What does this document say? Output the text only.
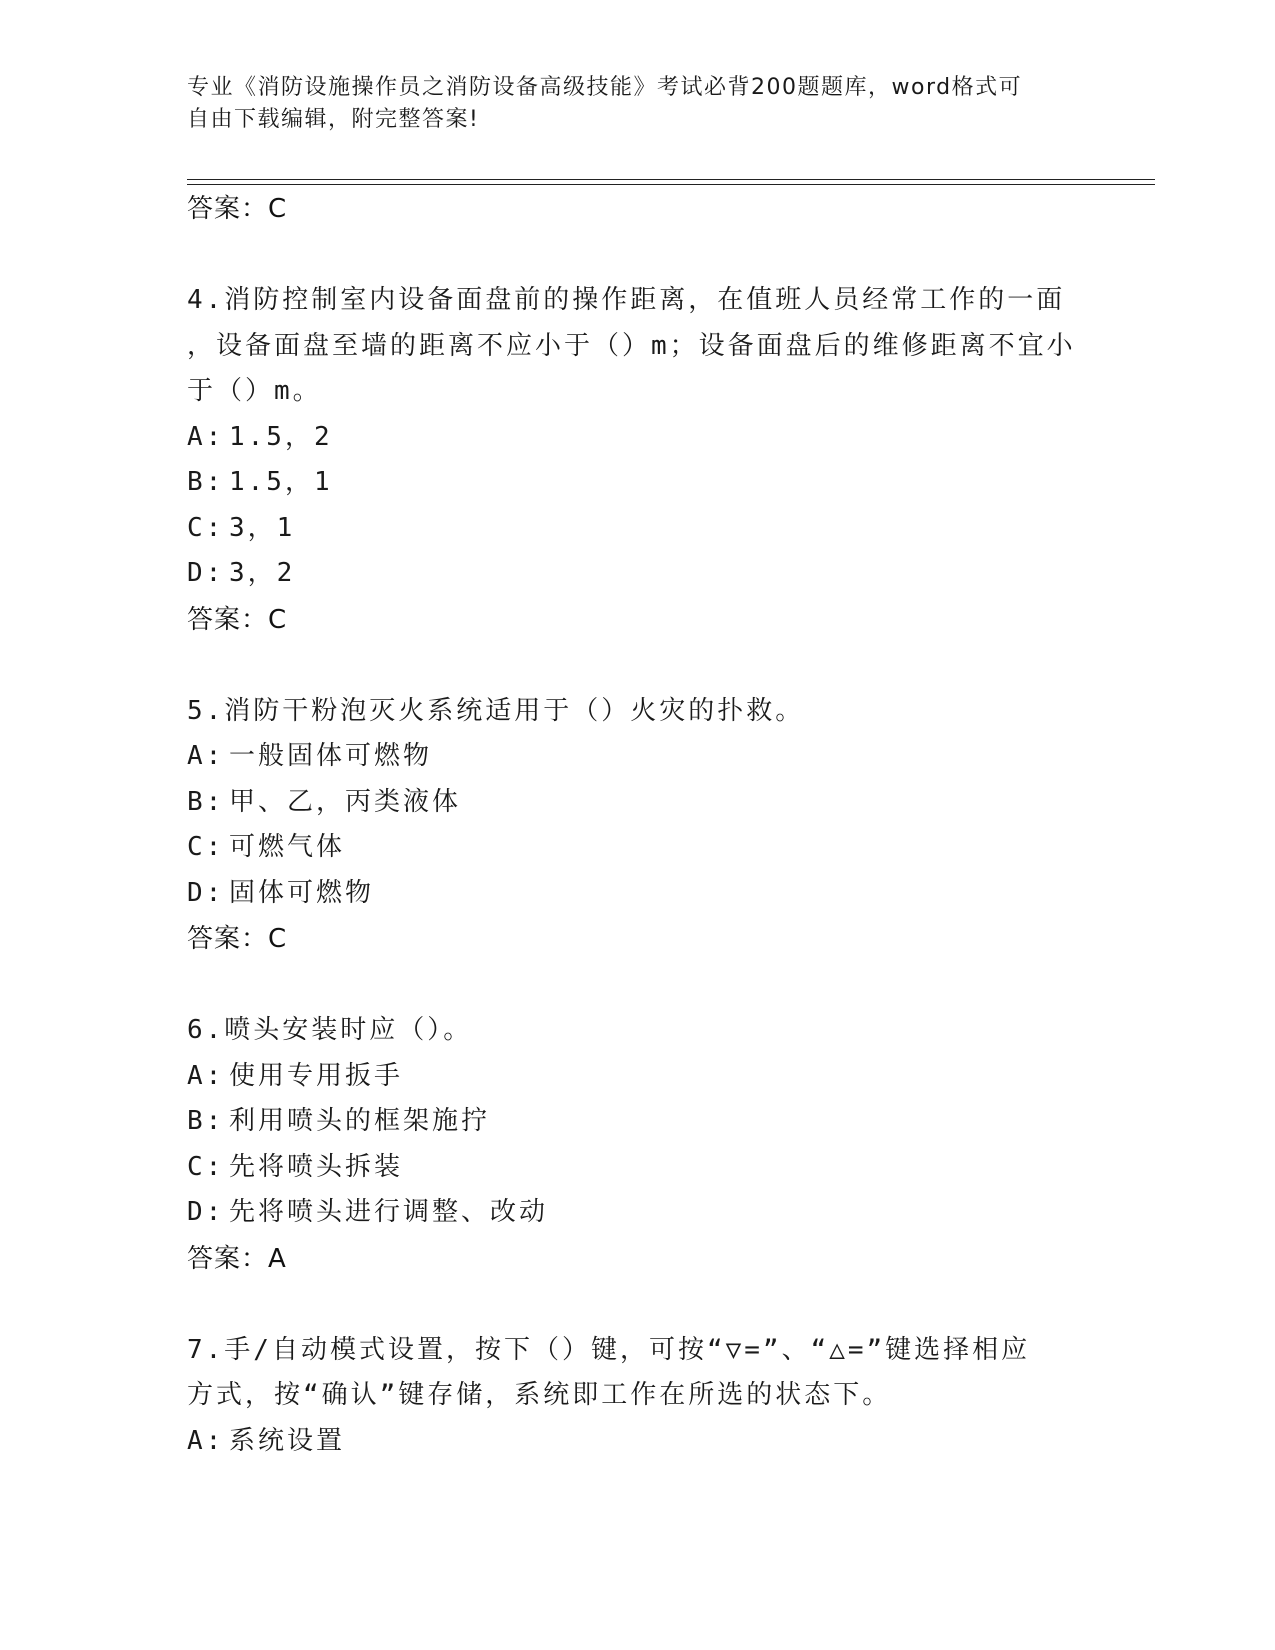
专业《消防设施操作员之消防设备高级技能》考试必背200题题库，word格式可
自由下载编辑，附完整答案!
答案：C
4.消防控制室内设备面盘前的操作距离，在值班人员经常工作的一面
，设备面盘至墙的距离不应小于（）m；设备面盘后的维修距离不宜小
于（）m。
A: 1.5，2
B: 1.5，1
C: 3，1
D: 3，2
答案：C
5.消防干粉泡灭火系统适用于（）火灾的扑救。
A: 一般固体可燃物
B: 甲、乙，丙类液体
C: 可燃气体
D: 固体可燃物
答案：C
6.喷头安装时应（）。
A: 使用专用扳手
B: 利用喷头的框架施拧
C: 先将喷头拆装
D: 先将喷头进行调整、改动
答案：A
7.手/自动模式设置，按下（）键，可按“▽=”、“△=”键选择相应
方式，按“确认”键存储，系统即工作在所选的状态下。
A: 系统设置
